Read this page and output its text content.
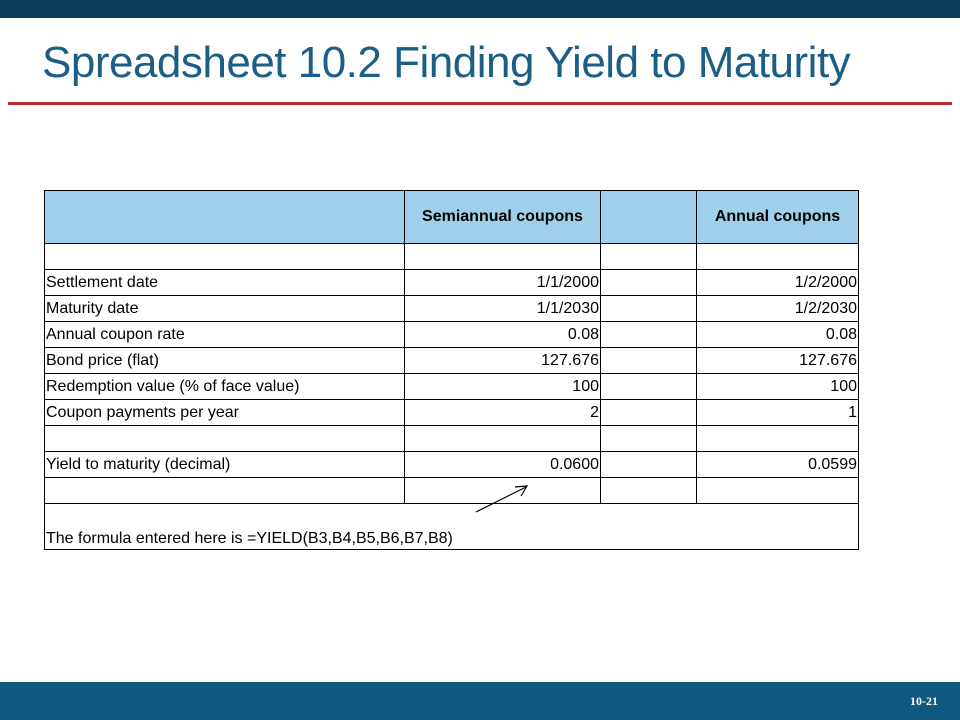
Spreadsheet 10.2 Finding Yield to Maturity
	Semiannual coupons		Annual coupons

Settlement date	1/1/2000		1/2/2000
Maturity date	1/1/2030		1/2/2030
Annual coupon rate	0.08		0.08
Bond price (flat)	127.676		127.676
Redemption value (% of face value)	100		100
Coupon payments per year	2		1

Yield to maturity (decimal)	0.0600		0.0599

The formula entered here is =YIELD(B3,B4,B5,B6,B7,B8)			
10-21
